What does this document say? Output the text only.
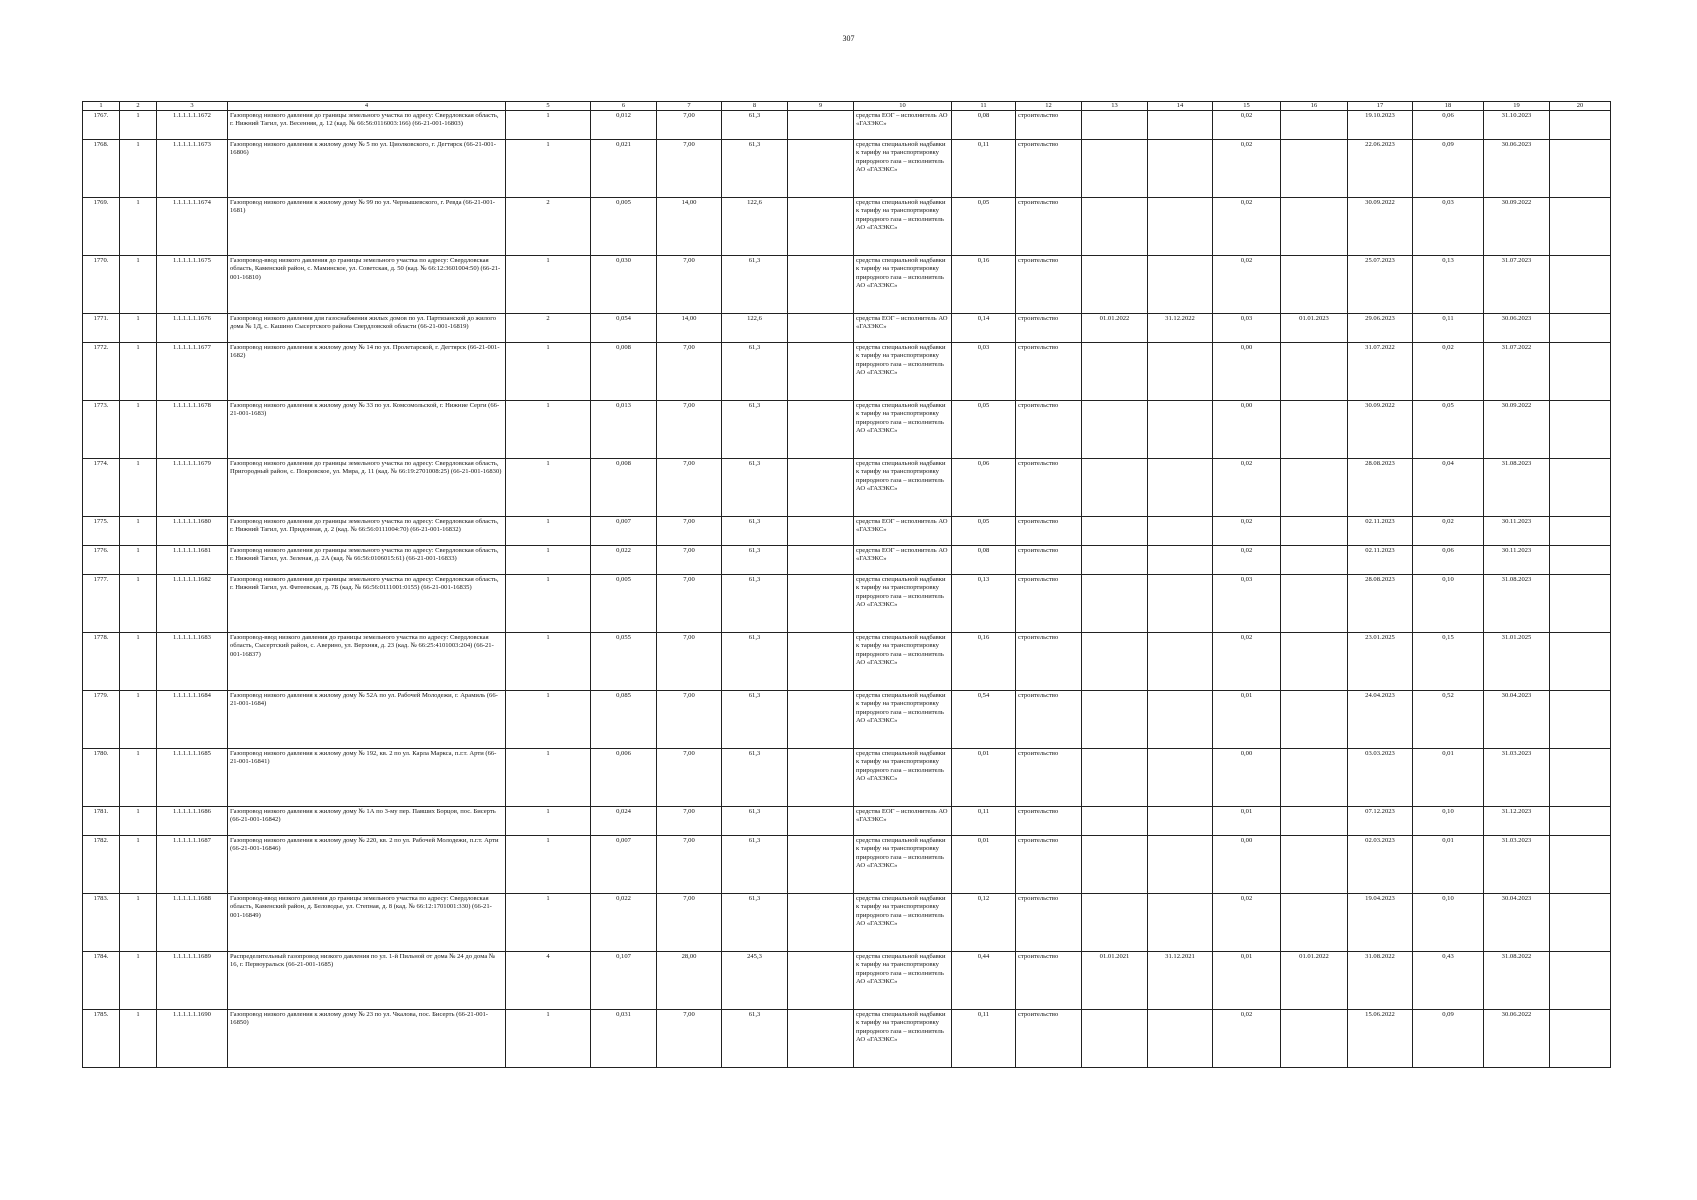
307
1	2	3	4	5	6	7	8	9	10	11	12	13	14	15	16	17	18	19	20
1767.	1	1.1.1.1.1.1672	Газопровод низкого давления до границы земельного участка по адресу: Свердловская область, г. Нижний Тагил, ул. Весенняя, д. 12 (кад. № 66:56:0116003:166) (66-21-001-16803)	1	0,012	7,00	61,3		средства ЕОГ – исполнитель АО «ГАЗЭКС»	0,08	строительство			0,02		19.10.2023	0,06	31.10.2023	
1768.	1	1.1.1.1.1.1673	Газопровод низкого давления к жилому дому № 5 по ул. Циолковского, г. Дегтярск (66-21-001-16806)	1	0,021	7,00	61,3		средства специальной надбавки к тарифу на транспортировку природного газа – исполнитель АО «ГАЗЭКС»	0,11	строительство			0,02		22.06.2023	0,09	30.06.2023	
1769.	1	1.1.1.1.1.1674	Газопровод низкого давления к жилому дому № 99 по ул. Чернышевского, г. Ревда (66-21-001-1681)	2	0,005	14,00	122,6		средства специальной надбавки к тарифу на транспортировку природного газа – исполнитель АО «ГАЗЭКС»	0,05	строительство			0,02		30.09.2022	0,03	30.09.2022	
1770.	1	1.1.1.1.1.1675	Газопровод-ввод низкого давления до границы земельного участка по адресу: Свердловская область, Каменский район, с. Маминское, ул. Советская, д. 50 (кад. № 66:12:3601004:50) (66-21-001-16810)	1	0,030	7,00	61,3		средства специальной надбавки к тарифу на транспортировку природного газа – исполнитель АО «ГАЗЭКС»	0,16	строительство			0,02		25.07.2023	0,13	31.07.2023	
1771.	1	1.1.1.1.1.1676	Газопровод низкого давления для газоснабжения жилых домов по ул. Партизанской до жилого дома № 1Д, с. Кашино Сысертского района Свердловской области (66-21-001-16819)	2	0,054	14,00	122,6		средства ЕОГ – исполнитель АО «ГАЗЭКС»	0,14	строительство	01.01.2022	31.12.2022	0,03	01.01.2023	29.06.2023	0,11	30.06.2023	
1772.	1	1.1.1.1.1.1677	Газопровод низкого давления к жилому дому № 14 по ул. Пролетарской, г. Дегтярск (66-21-001-1682)	1	0,008	7,00	61,3		средства специальной надбавки к тарифу на транспортировку природного газа – исполнитель АО «ГАЗЭКС»	0,03	строительство			0,00		31.07.2022	0,02	31.07.2022	
1773.	1	1.1.1.1.1.1678	Газопровод низкого давления к жилому дому № 33 по ул. Комсомольской, г. Нижние Серги (66-21-001-1683)	1	0,013	7,00	61,3		средства специальной надбавки к тарифу на транспортировку природного газа – исполнитель АО «ГАЗЭКС»	0,05	строительство			0,00		30.09.2022	0,05	30.09.2022	
1774.	1	1.1.1.1.1.1679	Газопровод низкого давления до границы земельного участка по адресу: Свердловская область, Пригородный район, с. Покровское, ул. Мира, д. 11 (кад. № 66:19:2701008:25) (66-21-001-16830)	1	0,008	7,00	61,3		средства специальной надбавки к тарифу на транспортировку природного газа – исполнитель АО «ГАЗЭКС»	0,06	строительство			0,02		28.08.2023	0,04	31.08.2023	
1775.	1	1.1.1.1.1.1680	Газопровод низкого давления до границы земельного участка по адресу: Свердловская область, г. Нижний Тагил, ул. Придонная, д. 2 (кад. № 66:56:0111004:70) (66-21-001-16832)	1	0,007	7,00	61,3		средства ЕОГ – исполнитель АО «ГАЗЭКС»	0,05	строительство			0,02		02.11.2023	0,02	30.11.2023	
1776.	1	1.1.1.1.1.1681	Газопровод низкого давления до границы земельного участка по адресу: Свердловская область, г. Нижний Тагил, ул. Зеленая, д. 2А (кад. № 66:56:0106015:61) (66-21-001-16833)	1	0,022	7,00	61,3		средства ЕОГ – исполнитель АО «ГАЗЭКС»	0,08	строительство			0,02		02.11.2023	0,06	30.11.2023	
1777.	1	1.1.1.1.1.1682	Газопровод низкого давления до границы земельного участка по адресу: Свердловская область, г. Нижний Тагил, ул. Фатеевская, д. 7Б (кад. № 66:56:0111001:0155) (66-21-001-16835)	1	0,005	7,00	61,3		средства специальной надбавки к тарифу на транспортировку природного газа – исполнитель АО «ГАЗЭКС»	0,13	строительство			0,03		28.08.2023	0,10	31.08.2023	
1778.	1	1.1.1.1.1.1683	Газопровод-ввод низкого давления до границы земельного участка по адресу: Свердловская область, Сысертский район, с. Аверино, ул. Верхняя, д. 23 (кад. № 66:25:4101003:204) (66-21-001-16837)	1	0,055	7,00	61,3		средства специальной надбавки к тарифу на транспортировку природного газа – исполнитель АО «ГАЗЭКС»	0,16	строительство			0,02		23.01.2025	0,15	31.01.2025	
1779.	1	1.1.1.1.1.1684	Газопровод низкого давления к жилому дому № 52А по ул. Рабочей Молодежи, г. Арамиль (66-21-001-1684)	1	0,085	7,00	61,3		средства специальной надбавки к тарифу на транспортировку природного газа – исполнитель АО «ГАЗЭКС»	0,54	строительство			0,01		24.04.2023	0,52	30.04.2023	
1780.	1	1.1.1.1.1.1685	Газопровод низкого давления к жилому дому № 192, кв. 2 по ул. Карла Маркса, п.г.т. Арти (66-21-001-16841)	1	0,006	7,00	61,3		средства специальной надбавки к тарифу на транспортировку природного газа – исполнитель АО «ГАЗЭКС»	0,01	строительство			0,00		03.03.2023	0,01	31.03.2023	
1781.	1	1.1.1.1.1.1686	Газопровод низкого давления к жилому дому № 1А по 3-му пер. Павших Борцов, пос. Бисерть (66-21-001-16842)	1	0,024	7,00	61,3		средства ЕОГ – исполнитель АО «ГАЗЭКС»	0,11	строительство			0,01		07.12.2023	0,10	31.12.2023	
1782.	1	1.1.1.1.1.1687	Газопровод низкого давления к жилому дому № 220, кв. 2 по ул. Рабочей Молодежи, п.г.т. Арти (66-21-001-16846)	1	0,007	7,00	61,3		средства специальной надбавки к тарифу на транспортировку природного газа – исполнитель АО «ГАЗЭКС»	0,01	строительство			0,00		02.03.2023	0,01	31.03.2023	
1783.	1	1.1.1.1.1.1688	Газопровод-ввод низкого давления до границы земельного участка по адресу: Свердловская область, Каменский район, д. Беловодье, ул. Степная, д. 8 (кад. № 66:12:1701001:330) (66-21-001-16849)	1	0,022	7,00	61,3		средства специальной надбавки к тарифу на транспортировку природного газа – исполнитель АО «ГАЗЭКС»	0,12	строительство			0,02		19.04.2023	0,10	30.04.2023	
1784.	1	1.1.1.1.1.1689	Распределительный газопровод низкого давления по ул. 1-й Пильной от дома № 24 до дома № 16, г. Первоуральск (66-21-001-1685)	4	0,107	28,00	245,3		средства специальной надбавки к тарифу на транспортировку природного газа – исполнитель АО «ГАЗЭКС»	0,44	строительство	01.01.2021	31.12.2021	0,01	01.01.2022	31.08.2022	0,43	31.08.2022	
1785.	1	1.1.1.1.1.1690	Газопровод низкого давления к жилому дому № 23 по ул. Чкалова, пос. Бисерть (66-21-001-16850)	1	0,031	7,00	61,3		средства специальной надбавки к тарифу на транспортировку природного газа – исполнитель АО «ГАЗЭКС»	0,11	строительство			0,02		15.06.2022	0,09	30.06.2022	
